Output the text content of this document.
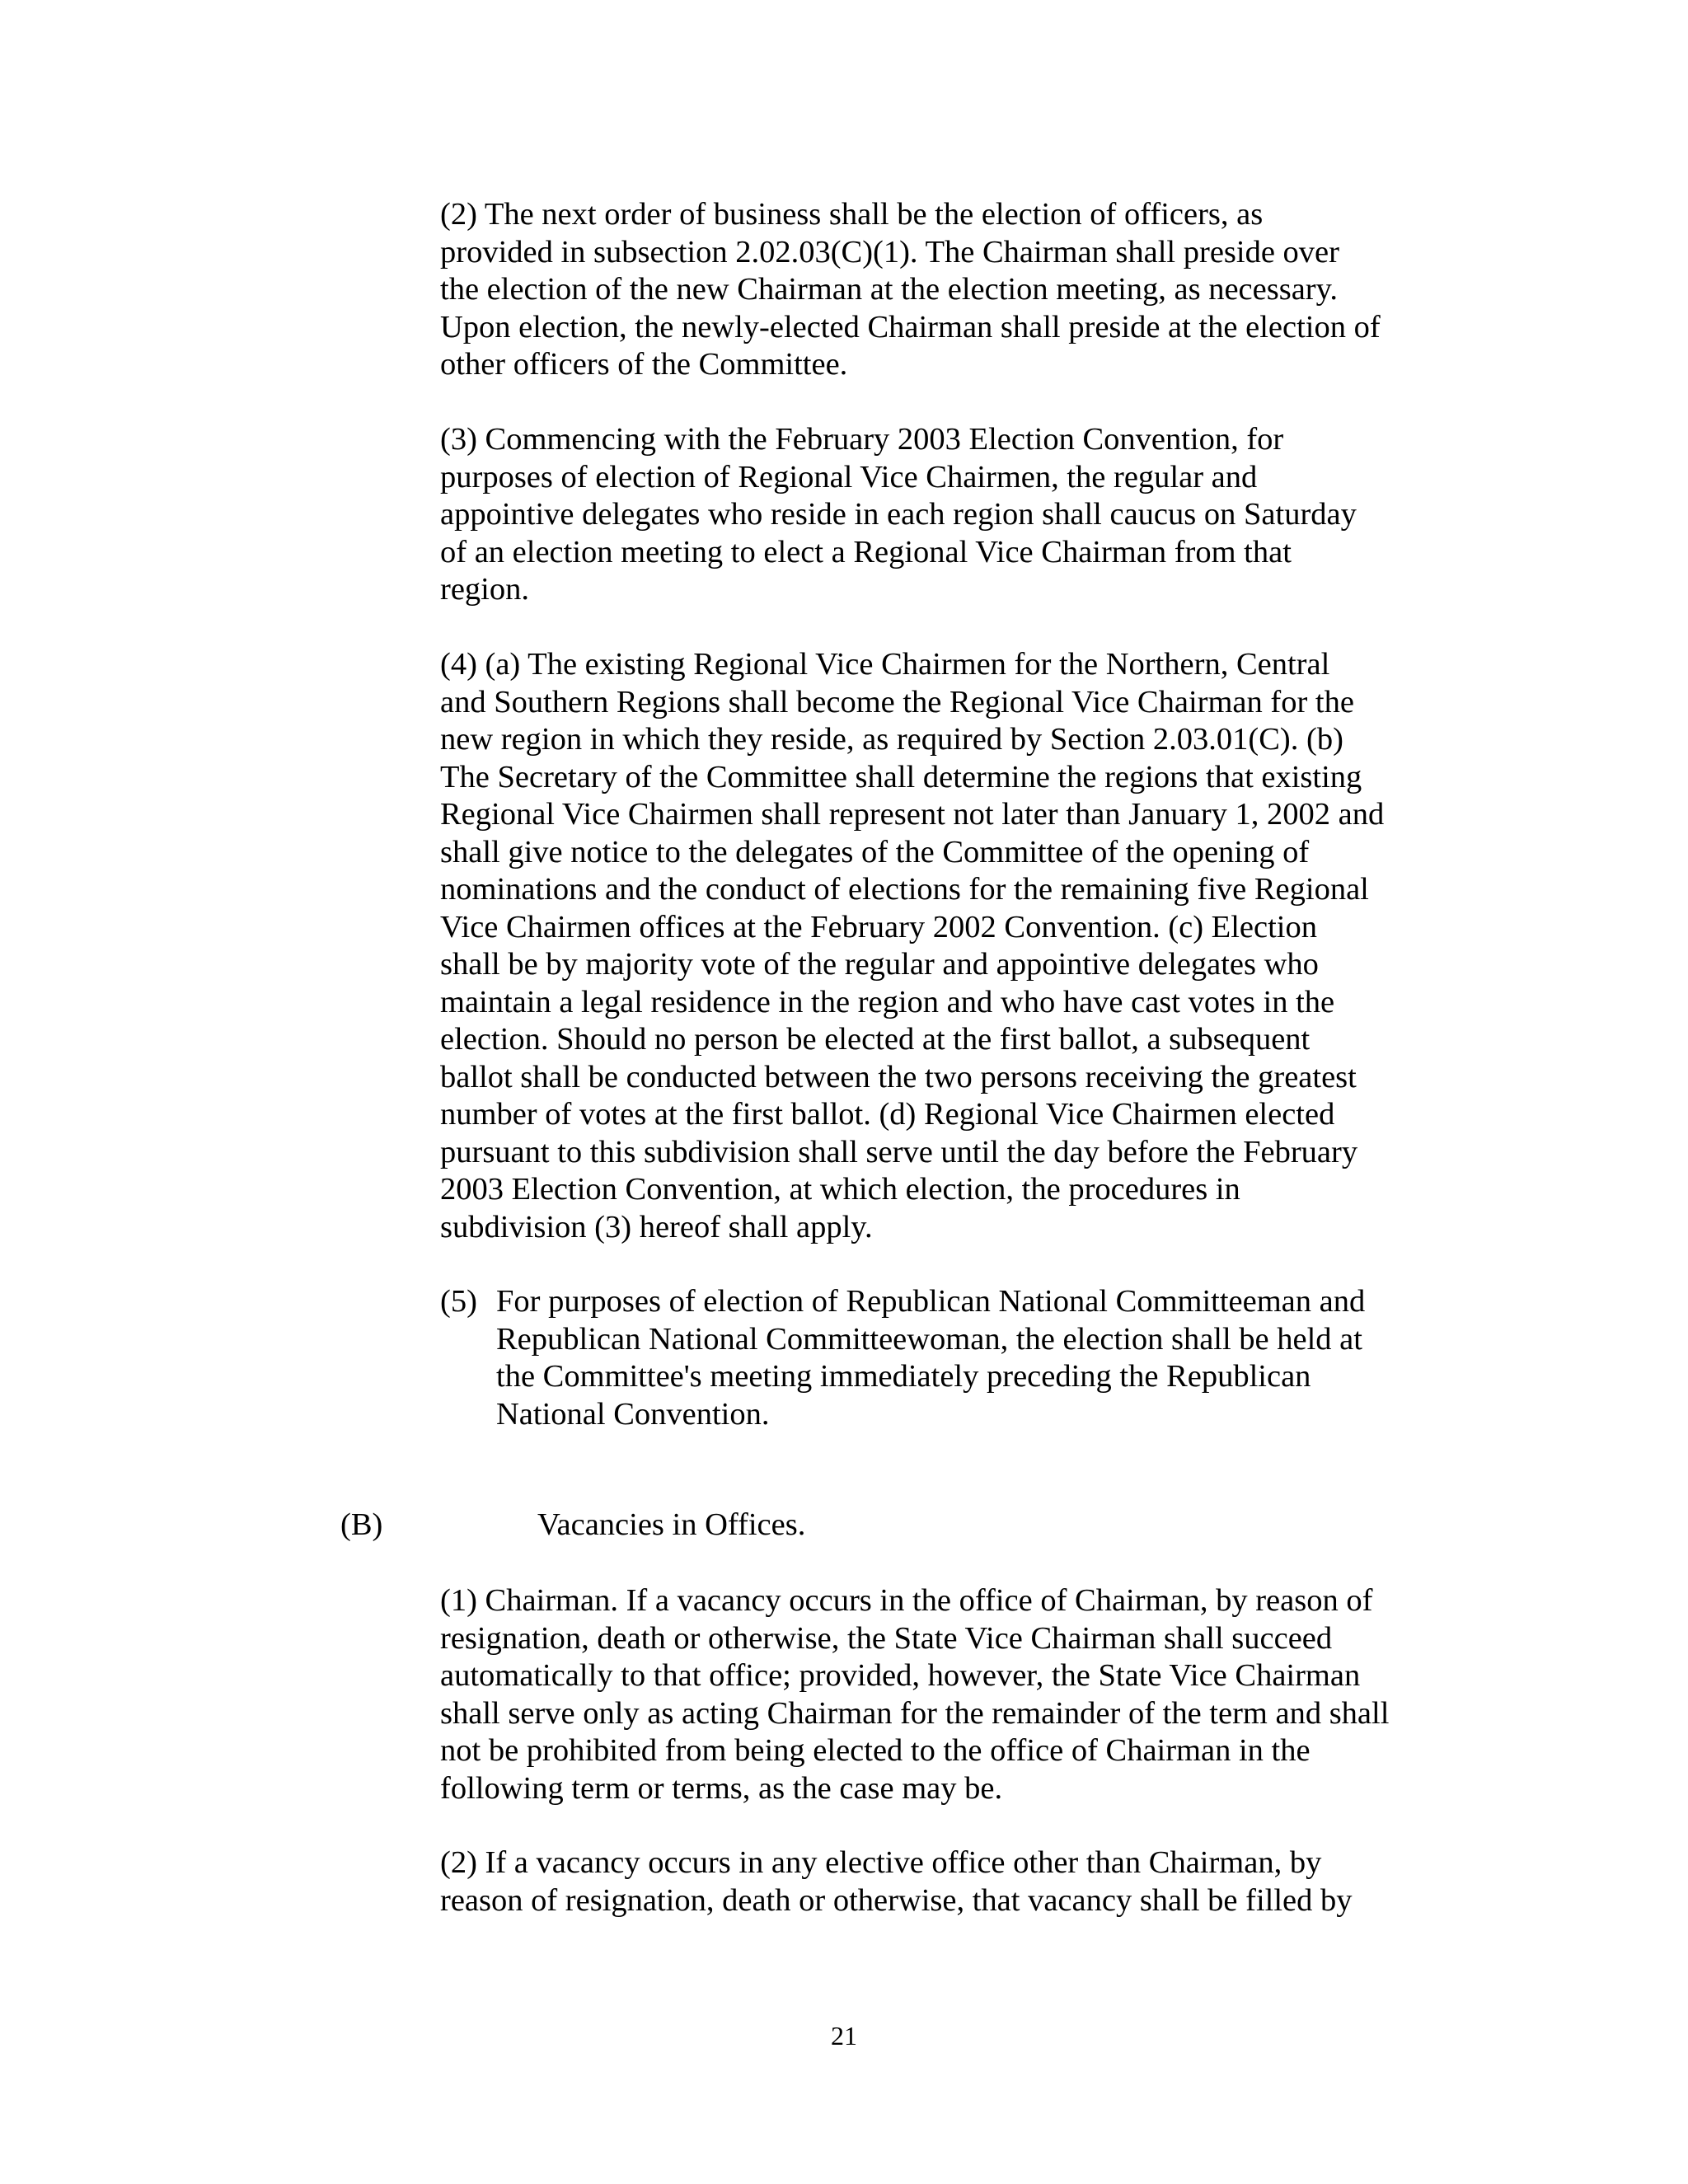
(2) The next order of business shall be the election of officers, as
provided in subsection 2.02.03(C)(1). The Chairman shall preside over
the election of the new Chairman at the election meeting, as necessary.
Upon election, the newly-elected Chairman shall preside at the election of
other officers of the Committee.

(3) Commencing with the February 2003 Election Convention, for
purposes of election of Regional Vice Chairmen, the regular and
appointive delegates who reside in each region shall caucus on Saturday
of an election meeting to elect a Regional Vice Chairman from that
region.

(4) (a) The existing Regional Vice Chairmen for the Northern, Central
and Southern Regions shall become the Regional Vice Chairman for the
new region in which they reside, as required by Section 2.03.01(C). (b)
The Secretary of the Committee shall determine the regions that existing
Regional Vice Chairmen shall represent not later than January 1, 2002 and
shall give notice to the delegates of the Committee of the opening of
nominations and the conduct of elections for the remaining five Regional
Vice Chairmen offices at the February 2002 Convention. (c) Election
shall be by majority vote of the regular and appointive delegates who
maintain a legal residence in the region and who have cast votes in the
election. Should no person be elected at the first ballot, a subsequent
ballot shall be conducted between the two persons receiving the greatest
number of votes at the first ballot. (d) Regional Vice Chairmen elected
pursuant to this subdivision shall serve until the day before the February
2003 Election Convention, at which election, the procedures in
subdivision (3) hereof shall apply.

(5) For purposes of election of Republican National Committeeman and
Republican National Committeewoman, the election shall be held at
the Committee's meeting immediately preceding the Republican
National Convention.
(B)	Vacancies in Offices.

(1) Chairman. If a vacancy occurs in the office of Chairman, by reason of
resignation, death or otherwise, the State Vice Chairman shall succeed
automatically to that office; provided, however, the State Vice Chairman
shall serve only as acting Chairman for the remainder of the term and shall
not be prohibited from being elected to the office of Chairman in the
following term or terms, as the case may be.

(2) If a vacancy occurs in any elective office other than Chairman, by
reason of resignation, death or otherwise, that vacancy shall be filled by

21
